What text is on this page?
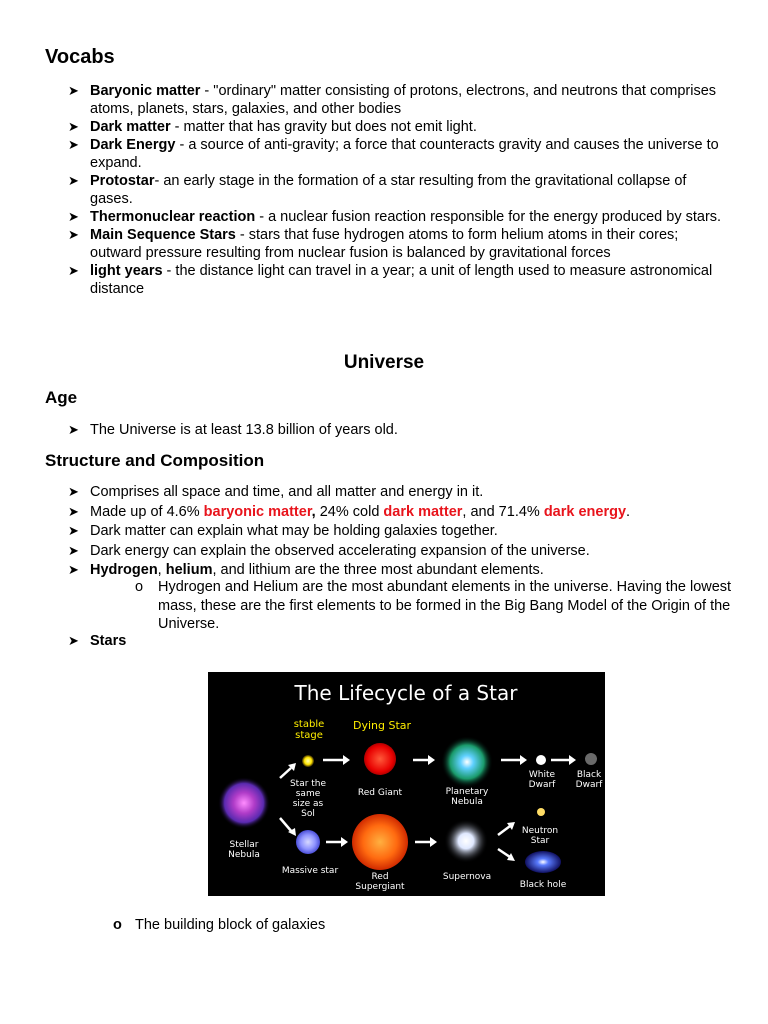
Vocabs
➤ Baryonic matter - "ordinary" matter consisting of protons, electrons, and neutrons that comprises atoms, planets, stars, galaxies, and other bodies
➤ Dark matter - matter that has gravity but does not emit light.
➤ Dark Energy - a source of anti-gravity; a force that counteracts gravity and causes the universe to expand.
➤ Protostar- an early stage in the formation of a star resulting from the gravitational collapse of gases.
➤ Thermonuclear reaction - a nuclear fusion reaction responsible for the energy produced by stars.
➤ Main Sequence Stars - stars that fuse hydrogen atoms to form helium atoms in their cores; outward pressure resulting from nuclear fusion is balanced by gravitational forces
➤ light years - the distance light can travel in a year; a unit of length used to measure astronomical distance
Universe
Age
➤ The Universe is at least 13.8 billion of years old.
Structure and Composition
➤ Comprises all space and time, and all matter and energy in it.
➤ Made up of 4.6% baryonic matter, 24% cold dark matter, and 71.4% dark energy.
➤ Dark matter can explain what may be holding galaxies together.
➤ Dark energy can explain the observed accelerating expansion of the universe.
➤ Hydrogen, helium, and lithium are the three most abundant elements.
o Hydrogen and Helium are the most abundant elements in the universe. Having the lowest mass, these are the first elements to be formed in the Big Bang Model of the Origin of the Universe.
➤ Stars
The Lifecycle of a Star
stable stage
Dying Star
Star the same size as Sol
Red Giant	Planetary Nebula
White Dwarf
Black Dwarf
Stellar Nebula
Massive star
Red Supergiant
Supernova
Neutron Star
Black hole
o The building block of galaxies
